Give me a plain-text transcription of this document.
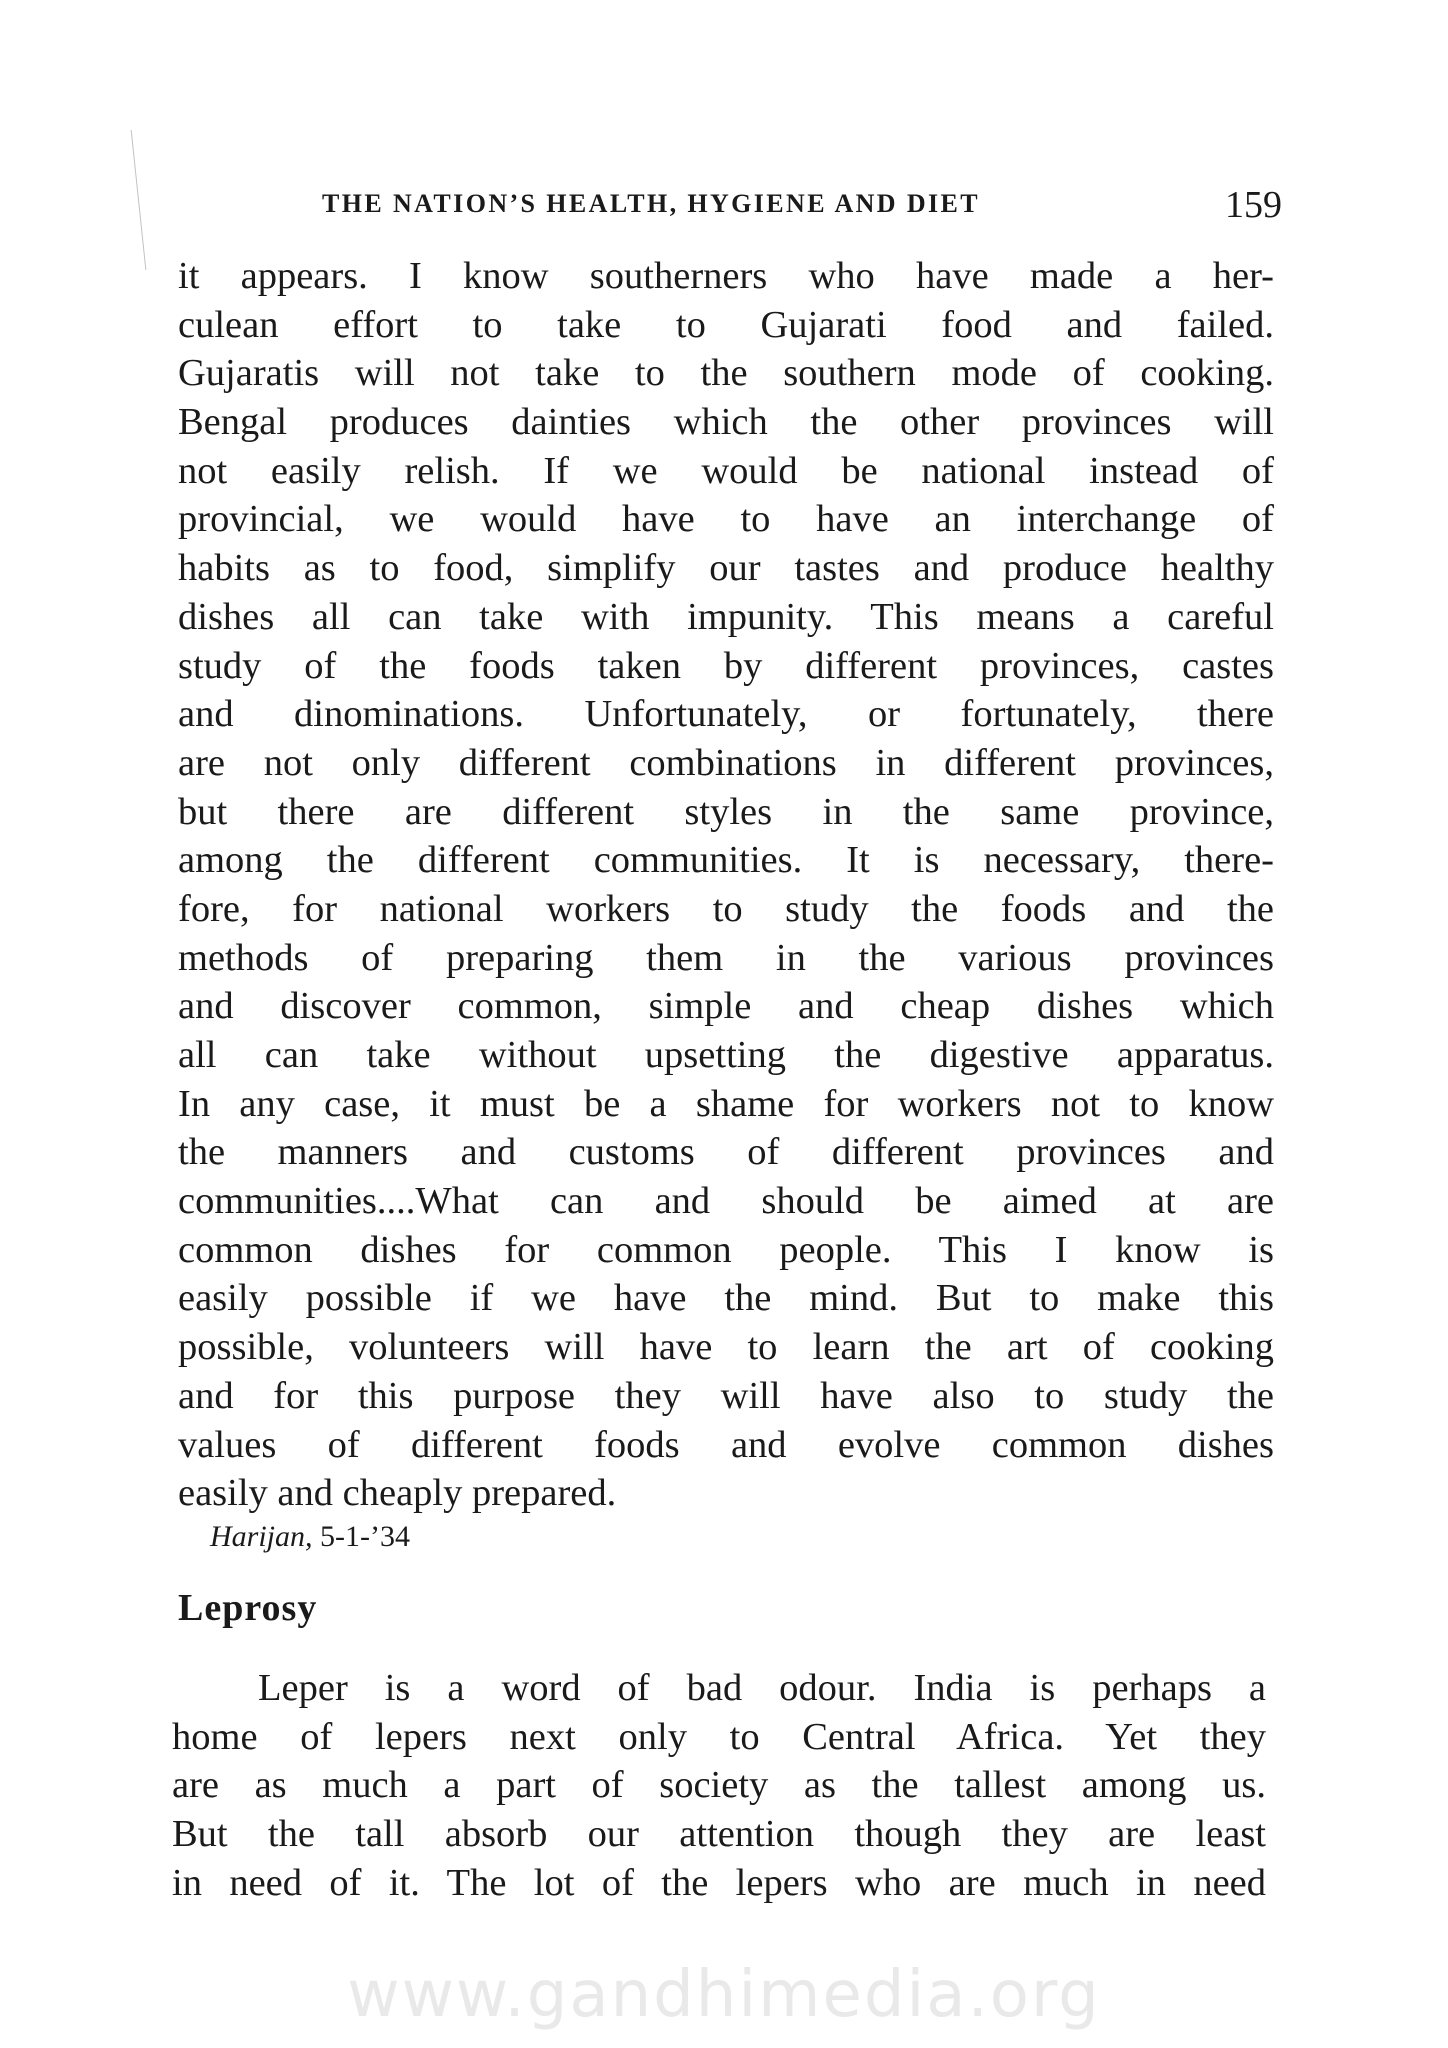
THE NATION’S HEALTH, HYGIENE AND DIET	159
it appears. I know southerners who have made a her-
culean effort to take to Gujarati food and failed.
Gujaratis will not take to the southern mode of cooking.
Bengal produces dainties which the other provinces will
not easily relish. If we would be national instead of
provincial, we would have to have an interchange of
habits as to food, simplify our tastes and produce healthy
dishes all can take with impunity. This means a careful
study of the foods taken by different provinces, castes
and dinominations. Unfortunately, or fortunately, there
are not only different combinations in different provinces,
but there are different styles in the same province,
among the different communities. It is necessary, there-
fore, for national workers to study the foods and the
methods of preparing them in the various provinces
and discover common, simple and cheap dishes which
all can take without upsetting the digestive apparatus.
In any case, it must be a shame for workers not to know
the manners and customs of different provinces and
communities....What can and should be aimed at are
common dishes for common people. This I know is
easily possible if we have the mind. But to make this
possible, volunteers will have to learn the art of cooking
and for this purpose they will have also to study the
values of different foods and evolve common dishes
easily and cheaply prepared.
Harijan, 5-1-’34
Leprosy
Leper is a word of bad odour. India is perhaps a
home of lepers next only to Central Africa. Yet they
are as much a part of society as the tallest among us.
But the tall absorb our attention though they are least
in need of it. The lot of the lepers who are much in need
www.gandhimedia.org
